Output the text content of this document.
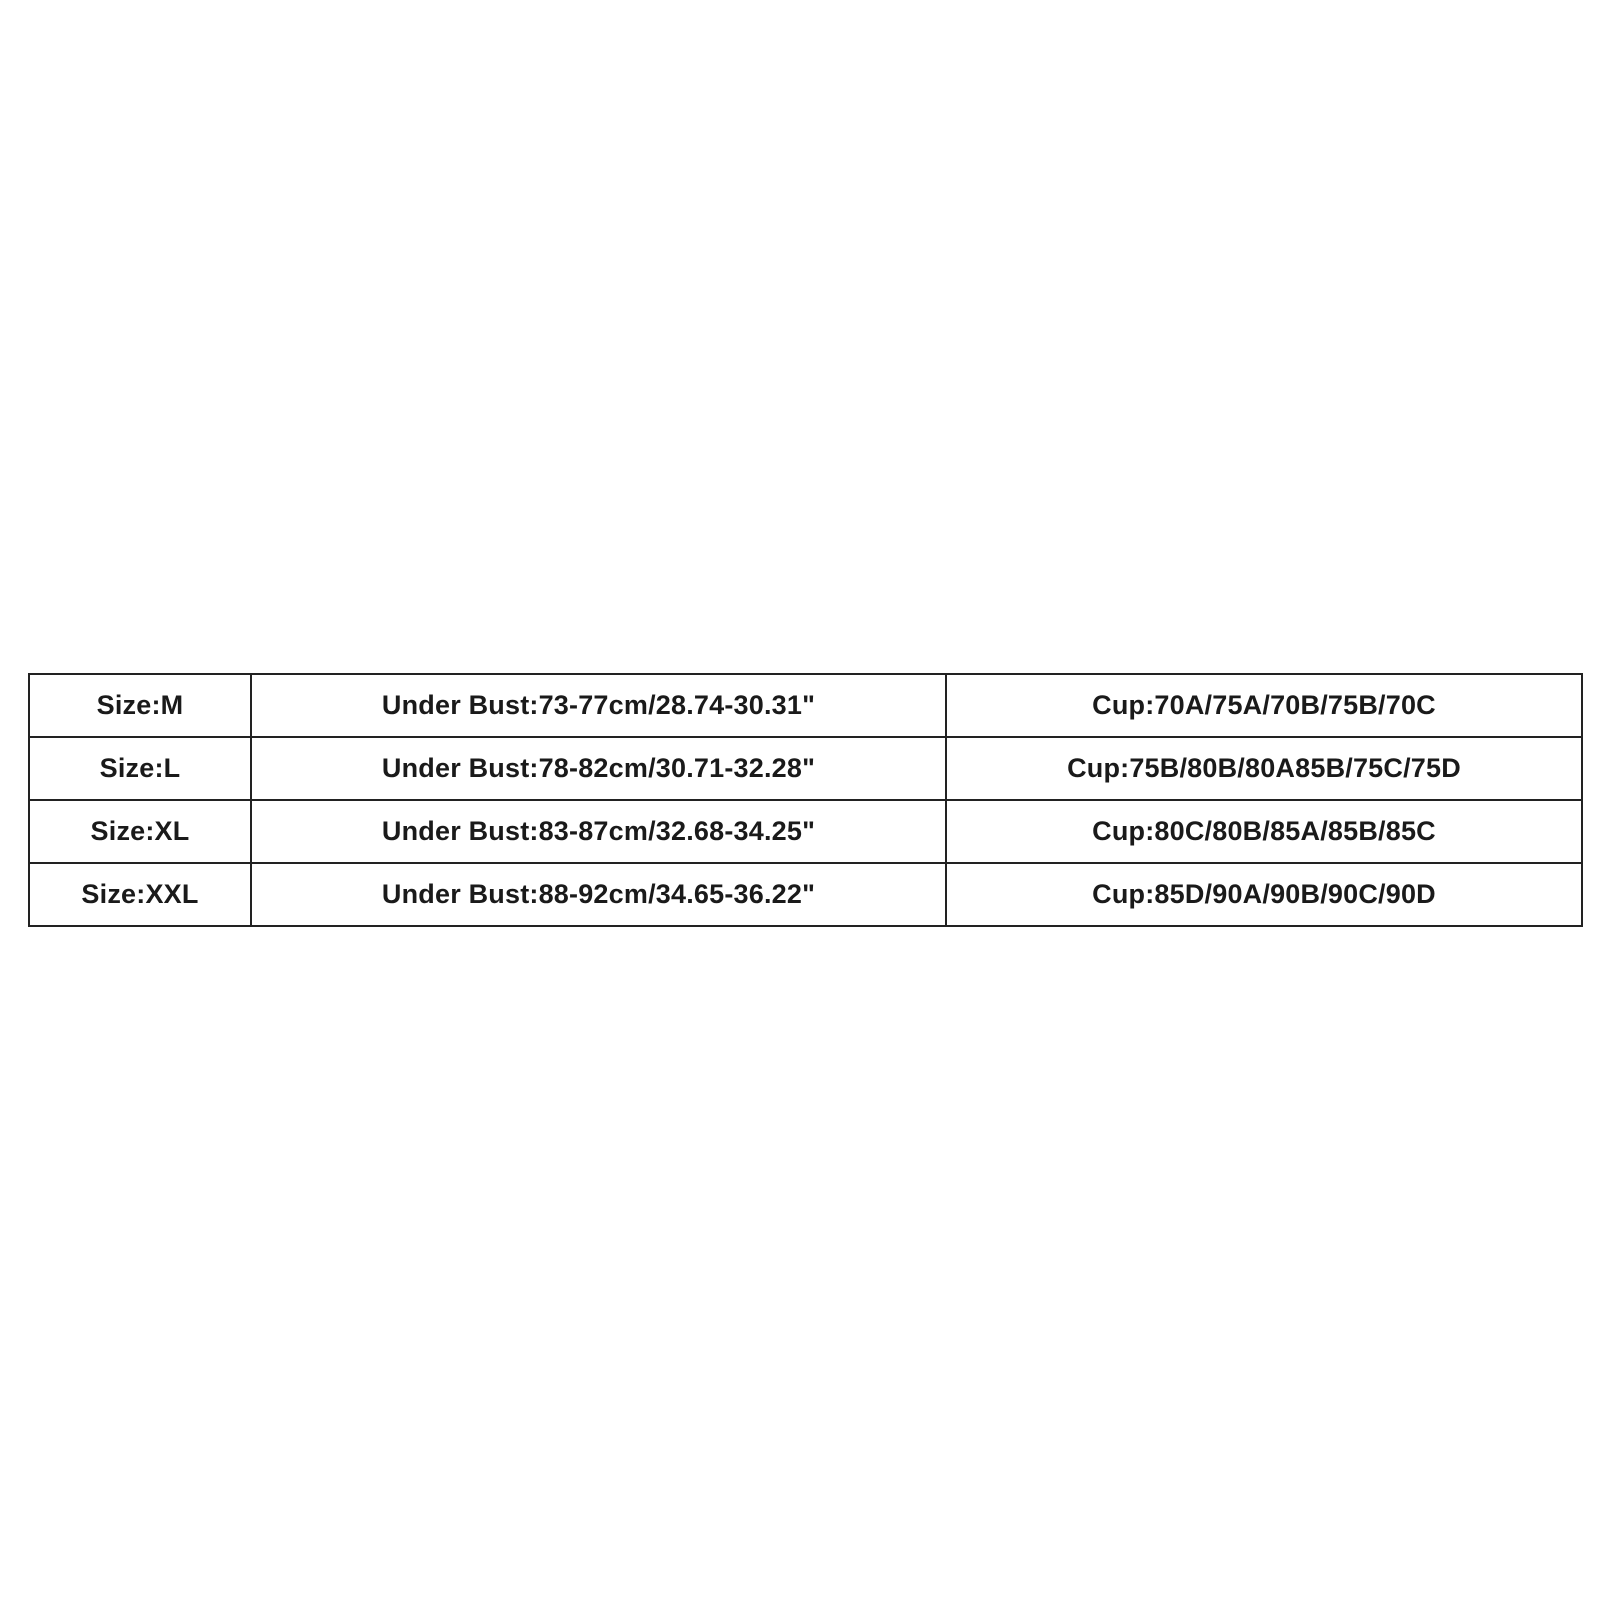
Size:M	Under Bust:73-77cm/28.74-30.31"	Cup:70A/75A/70B/75B/70C
Size:L	Under Bust:78-82cm/30.71-32.28"	Cup:75B/80B/80A85B/75C/75D
Size:XL	Under Bust:83-87cm/32.68-34.25"	Cup:80C/80B/85A/85B/85C
Size:XXL	Under Bust:88-92cm/34.65-36.22"	Cup:85D/90A/90B/90C/90D
